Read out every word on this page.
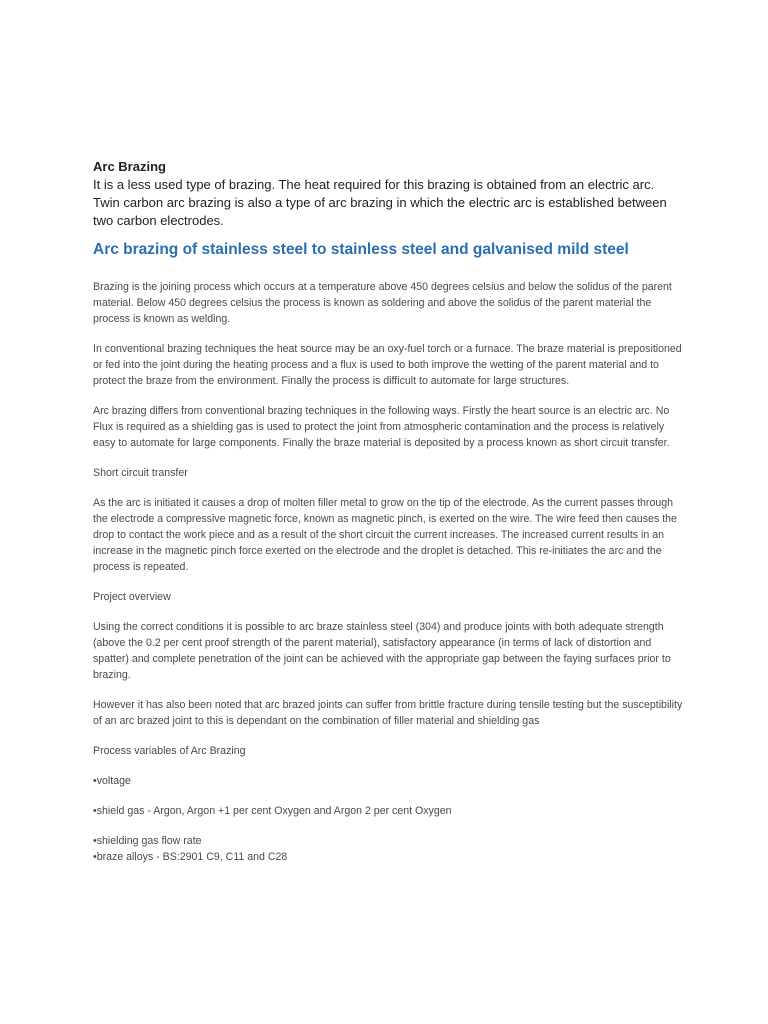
Arc Brazing

It is a less used type of brazing. The heat required for this brazing is obtained from an electric arc. Twin carbon arc brazing is also a type of arc brazing in which the electric arc is established between two carbon electrodes.

Arc brazing of stainless steel to stainless steel and galvanised mild steel

Brazing is the joining process which occurs at a temperature above 450 degrees celsius and below the solidus of the parent material. Below 450 degrees celsius the process is known as soldering and above the solidus of the parent material the process is known as welding.

In conventional brazing techniques the heat source may be an oxy-fuel torch or a furnace. The braze material is prepositioned or fed into the joint during the heating process and a flux is used to both improve the wetting of the parent material and to protect the braze from the environment. Finally the process is difficult to automate for large structures.

Arc brazing differs from conventional brazing techniques in the following ways. Firstly the heart source is an electric arc. No Flux is required as a shielding gas is used to protect the joint from atmospheric contamination and the process is relatively easy to automate for large components. Finally the braze material is deposited by a process known as short circuit transfer.

Short circuit transfer

As the arc is initiated it causes a drop of molten filler metal to grow on the tip of the electrode. As the current passes through the electrode a compressive magnetic force, known as magnetic pinch, is exerted on the wire. The wire feed then causes the drop to contact the work piece and as a result of the short circuit the current increases. The increased current results in an increase in the magnetic pinch force exerted on the electrode and the droplet is detached. This re-initiates the arc and the process is repeated.

Project overview

Using the correct conditions it is possible to arc braze stainless steel (304) and produce joints with both adequate strength (above the 0.2 per cent proof strength of the parent material), satisfactory appearance (in terms of lack of distortion and spatter) and complete penetration of the joint can be achieved with the appropriate gap between the faying surfaces prior to brazing.

However it has also been noted that arc brazed joints can suffer from brittle fracture during tensile testing but the susceptibility of an arc brazed joint to this is dependant on the combination of filler material and shielding gas

Process variables of Arc Brazing

•voltage

•shield gas - Argon, Argon +1 per cent Oxygen and Argon 2 per cent Oxygen

•shielding gas flow rate

•braze alloys - BS:2901 C9, C11 and C28
